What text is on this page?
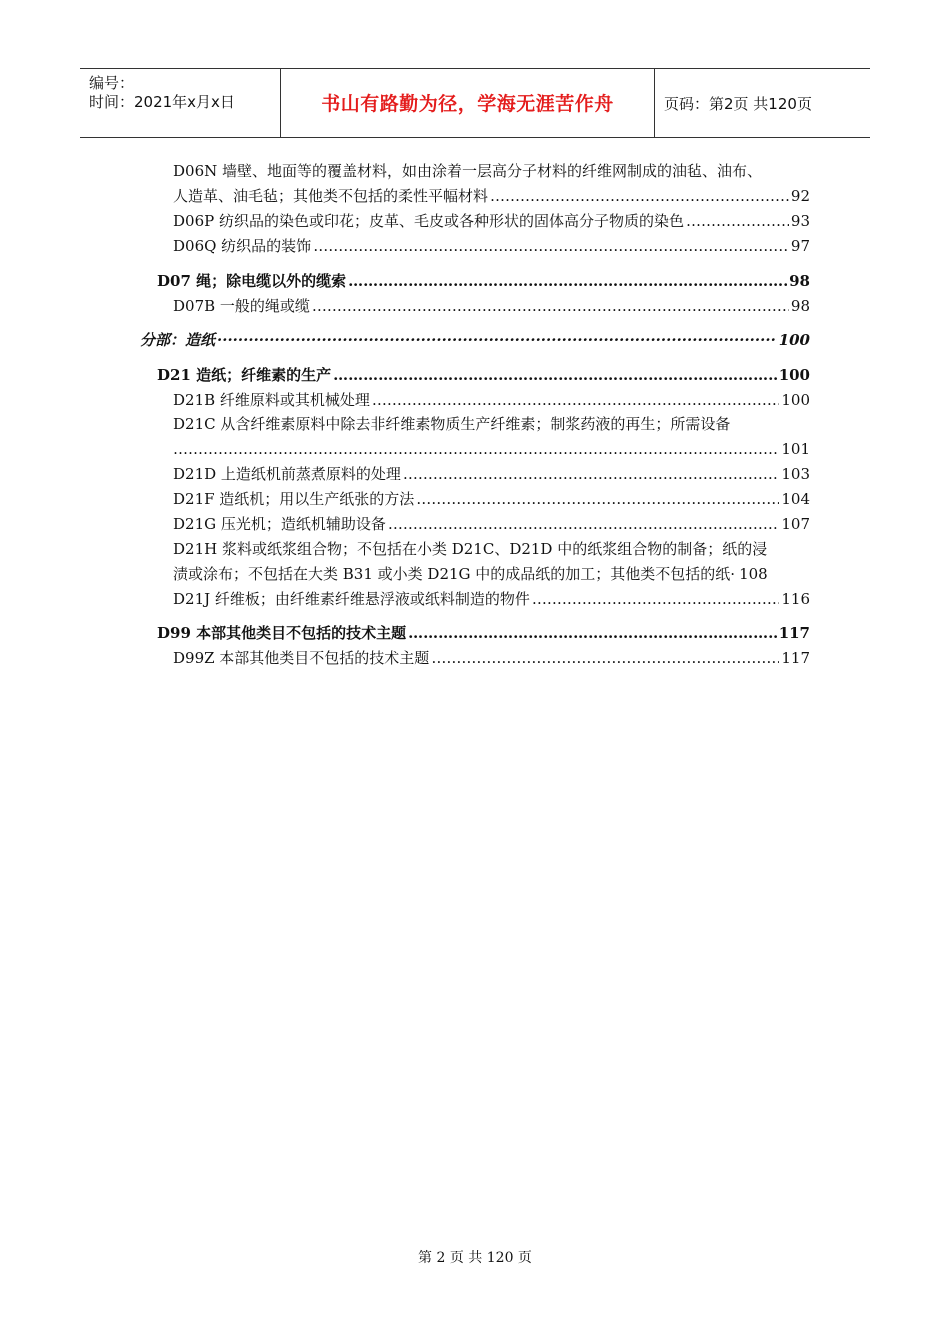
编号：
时间：2021年x月x日	书山有路勤为径，学海无涯苦作舟	页码：第2页 共120页
D06N 墙壁、地面等的覆盖材料，如由涂着一层高分子材料的纤维网制成的油毡、油布、
人造革、油毛毡；其他类不包括的柔性平幅材料 ……………………………………………………………………………………………………………………………………………………………………………………………………………………	92
D06P 纺织品的染色或印花；皮革、毛皮或各种形状的固体高分子物质的染色 ……………………………………………………………………………………………………………………………………………………………………………………………………………………	93
D06Q 纺织品的装饰 ……………………………………………………………………………………………………………………………………………………………………………………………………………………	97
D07 绳；除电缆以外的缆索 ……………………………………………………………………………………………………………………………………………………………………………………………………………………	98
D07B 一般的绳或缆 ……………………………………………………………………………………………………………………………………………………………………………………………………………………	98
分部：造纸 ·····	100
D21 造纸；纤维素的生产 ……………………………………………………………………………………………………………………………………………………………………………………………………………………	100
D21B 纤维原料或其机械处理 ……………………………………………………………………………………………………………………………………………………………………………………………………………………	100
D21C 从含纤维素原料中除去非纤维素物质生产纤维素；制浆药液的再生；所需设备
……………………………………………………………………………………………………………………………………………………………………………………………………………………
101
D21D 上造纸机前蒸煮原料的处理 ……………………………………………………………………………………………………………………………………………………………………………………………………………………	103
D21F 造纸机；用以生产纸张的方法 ……………………………………………………………………………………………………………………………………………………………………………………………………………………	104
D21G 压光机；造纸机辅助设备 ……………………………………………………………………………………………………………………………………………………………………………………………………………………	107
D21H 浆料或纸浆组合物；不包括在小类 D21C、D21D 中的纸浆组合物的制备；纸的浸
渍或涂布；不包括在大类 B31 或小类 D21G 中的成品纸的加工；其他类不包括的纸· 108
D21J 纤维板；由纤维素纤维悬浮液或纸料制造的物件 ……………………………………………………………………………………………………………………………………………………………………………………………………………………	116
D99 本部其他类目不包括的技术主题 ……………………………………………………………………………………………………………………………………………………………………………………………………………………	117
D99Z 本部其他类目不包括的技术主题 ……………………………………………………………………………………………………………………………………………………………………………………………………………………	117
第 2 页 共 120 页
